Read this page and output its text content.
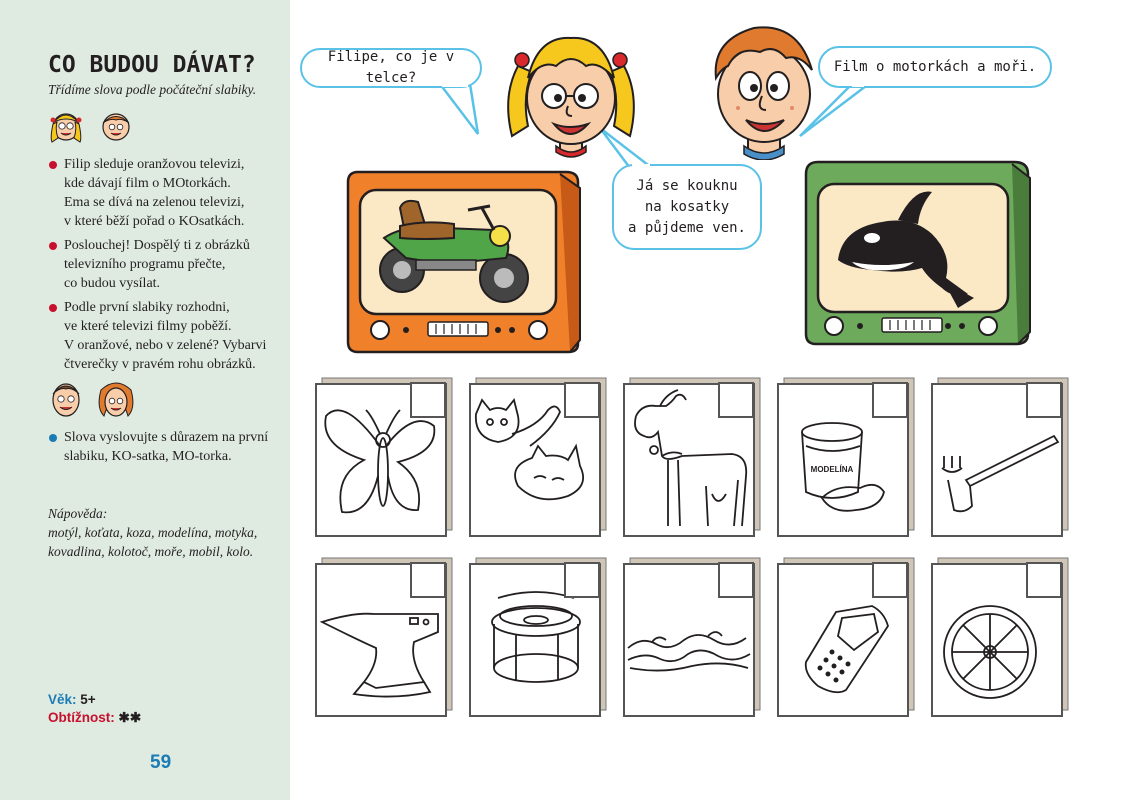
CO BUDOU DÁVAT?
Třídíme slova podle počáteční slabiky.
Filip sleduje oranžovou televizi,
kde dávají film o MOtorkách.
Ema se dívá na zelenou televizi,
v které běží pořad o KOsatkách.
Poslouchej! Dospělý ti z obrázků
televizního programu přečte,
co budou vysílat.
Podle první slabiky rozhodni,
ve které televizi filmy poběží.
V oranžové, nebo v zelené? Vybarvi
čtverečky v pravém rohu obrázků.
Slova vyslovujte s důrazem na první
slabiku, KO-satka, MO-torka.
Nápověda:
motýl, koťata, koza, modelína, motyka,
kovadlina, kolotoč, moře, mobil, kolo.
Věk: 5+
Obtížnost: ✱✱
59
Filipe, co je v telce?
Film o motorkách a moři.
Já se kouknu
na kosatky
a půjdeme ven.
MODELÍNA
